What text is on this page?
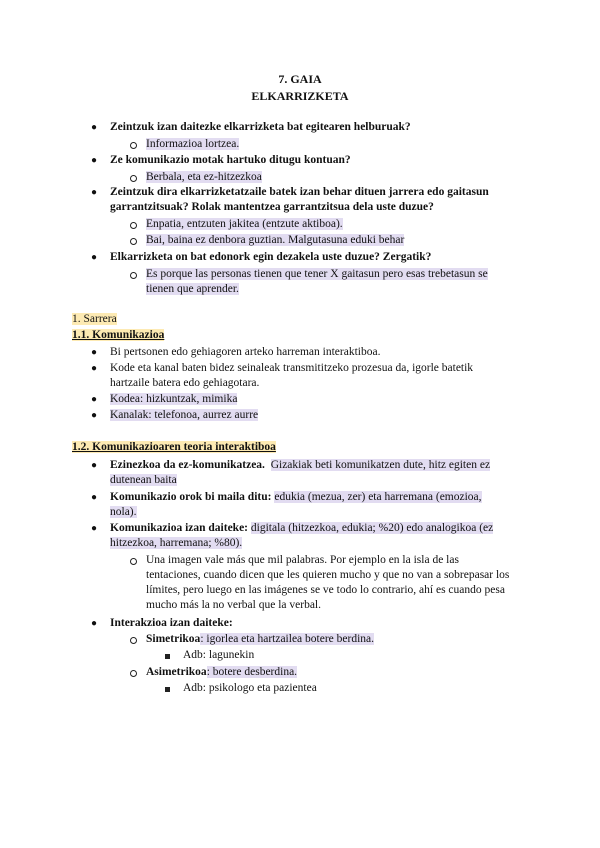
7. GAIA
ELKARRIZKETA
● Zeintzuk izan daitezke elkarrizketa bat egitearen helburuak?
Informazioa lortzea.
● Ze komunikazio motak hartuko ditugu kontuan?
Berbala, eta ez-hitzezkoa
● Zeintzuk dira elkarrizketatzaile batek izan behar dituen jarrera edo gaitasun
garrantzitsuak? Rolak mantentzea garrantzitsua dela uste duzue?
Enpatia, entzuten jakitea (entzute aktiboa).
Bai, baina ez denbora guztian. Malgutasuna eduki behar
● Elkarrizketa on bat edonork egin dezakela uste duzue? Zergatik?
Es porque las personas tienen que tener X gaitasun pero esas trebetasun se
tienen que aprender.
1. Sarrera
1.1. Komunikazioa
● Bi pertsonen edo gehiagoren arteko harreman interaktiboa.
● Kode eta kanal baten bidez seinaleak transmititzeko prozesua da, igorle batetik
hartzaile batera edo gehiagotara.
● Kodea: hizkuntzak, mimika
● Kanalak: telefonoa, aurrez aurre
1.2. Komunikazioaren teoria interaktiboa
● Ezinezkoa da ez-komunikatzea. Gizakiak beti komunikatzen dute, hitz egiten ez
dutenean baita
● Komunikazio orok bi maila ditu: edukia (mezua, zer) eta harremana (emozioa,
nola).
● Komunikazioa izan daiteke: digitala (hitzezkoa, edukia; %20) edo analogikoa (ez
hitzezkoa, harremana; %80).
Una imagen vale más que mil palabras. Por ejemplo en la isla de las
tentaciones, cuando dicen que les quieren mucho y que no van a sobrepasar los
límites, pero luego en las imágenes se ve todo lo contrario, ahí es cuando pesa
mucho más la no verbal que la verbal.
● Interakzioa izan daiteke:
Simetrikoa: igorlea eta hartzailea botere berdina.
Adb: lagunekin
Asimetrikoa: botere desberdina.
Adb: psikologo eta pazientea
